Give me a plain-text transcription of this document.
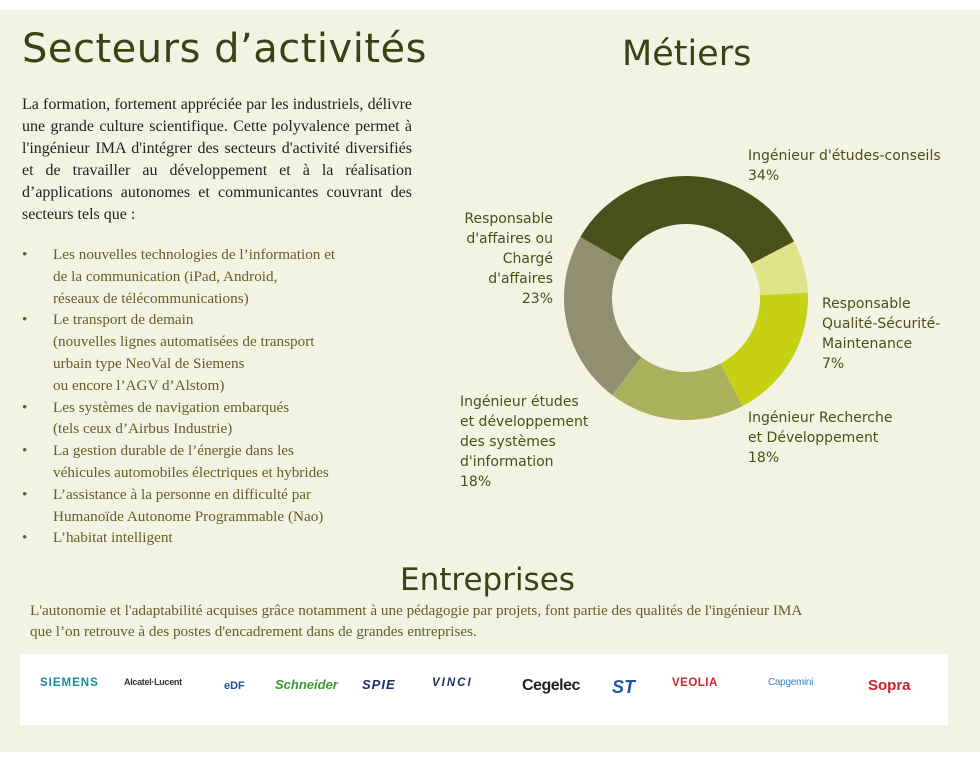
Secteurs d’activités

La formation, fortement appréciée par les industriels, délivre une grande culture scientifique. Cette polyvalence permet à l'ingénieur IMA d'intégrer des secteurs d'activité diversifiés et de travailler au développement et à la réalisation d’applications autonomes et communicantes couvrant des secteurs tels que :

• Les nouvelles technologies de l’information et
de la communication (iPad, Android,
réseaux de télécommunications)
• Le transport de demain
(nouvelles lignes automatisées de transport
urbain type NeoVal de Siemens
ou encore l’AGV d’Alstom)
• Les systèmes de navigation embarqués
(tels ceux d’Airbus Industrie)
• La gestion durable de l’énergie dans les
véhicules automobiles électriques et hybrides
• L’assistance à la personne en difficulté par
Humanoïde Autonome Programmable (Nao)
• L’habitat intelligent
Métiers
Ingénieur d'études-conseils 34%
Responsable Qualité-Sécurité-Maintenance 7%
Ingénieur Recherche et Développement 18%
Ingénieur études et développement des systèmes d'information 18%
Responsable d'affaires ou Chargé d'affaires 23%
Entreprises

L'autonomie et l'adaptabilité acquises grâce notamment à une pédagogie par projets, font partie des qualités de l'ingénieur IMA
que l’on retrouve à des postes d'encadrement dans de grandes entreprises.

SIEMENS	Alcatel·Lucent	eDF Schneider SPIE	VINCI	Cegelec ST	VEOLIA	Capgemini	Sopra
